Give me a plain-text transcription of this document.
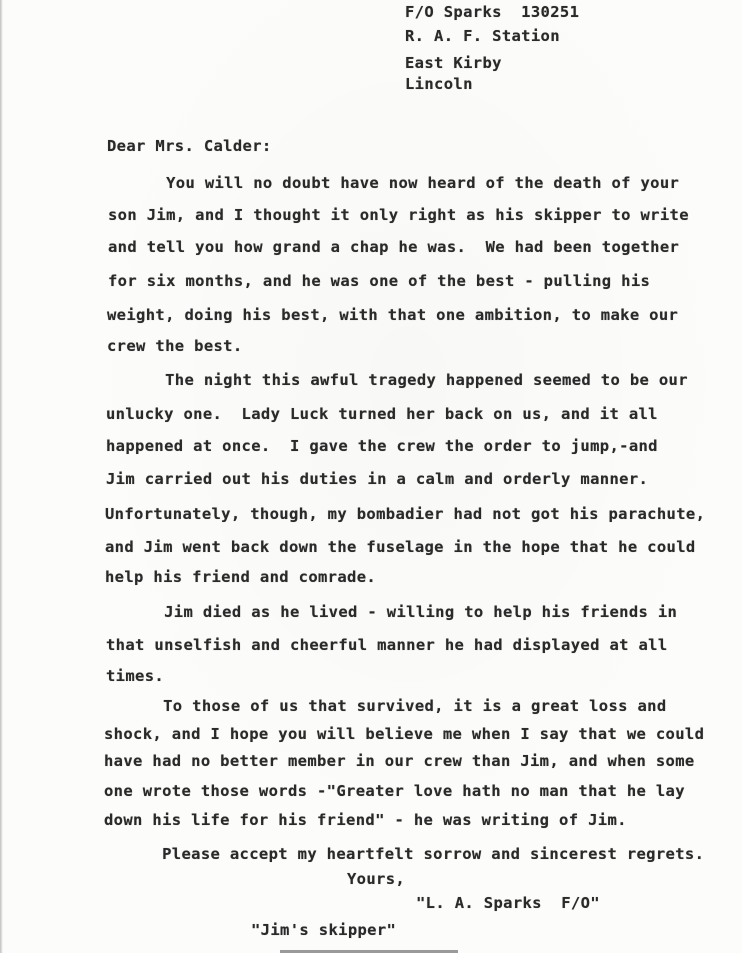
F/O Sparks  130251
R. A. F. Station
East Kirby
Lincoln
Dear Mrs. Calder:
You will no doubt have now heard of the death of your
son Jim, and I thought it only right as his skipper to write
and tell you how grand a chap he was.  We had been together
for six months, and he was one of the best - pulling his
weight, doing his best, with that one ambition, to make our
crew the best.
The night this awful tragedy happened seemed to be our
unlucky one.  Lady Luck turned her back on us, and it all
happened at once.  I gave the crew the order to jump,-and
Jim carried out his duties in a calm and orderly manner.
Unfortunately, though, my bombadier had not got his parachute,
and Jim went back down the fuselage in the hope that he could
help his friend and comrade.
Jim died as he lived - willing to help his friends in
that unselfish and cheerful manner he had displayed at all
times.
To those of us that survived, it is a great loss and
shock, and I hope you will believe me when I say that we could
have had no better member in our crew than Jim, and when some
one wrote those words -"Greater love hath no man that he lay
down his life for his friend" - he was writing of Jim.
Please accept my heartfelt sorrow and sincerest regrets.
Yours,
"L. A. Sparks  F/O"
"Jim's skipper"
